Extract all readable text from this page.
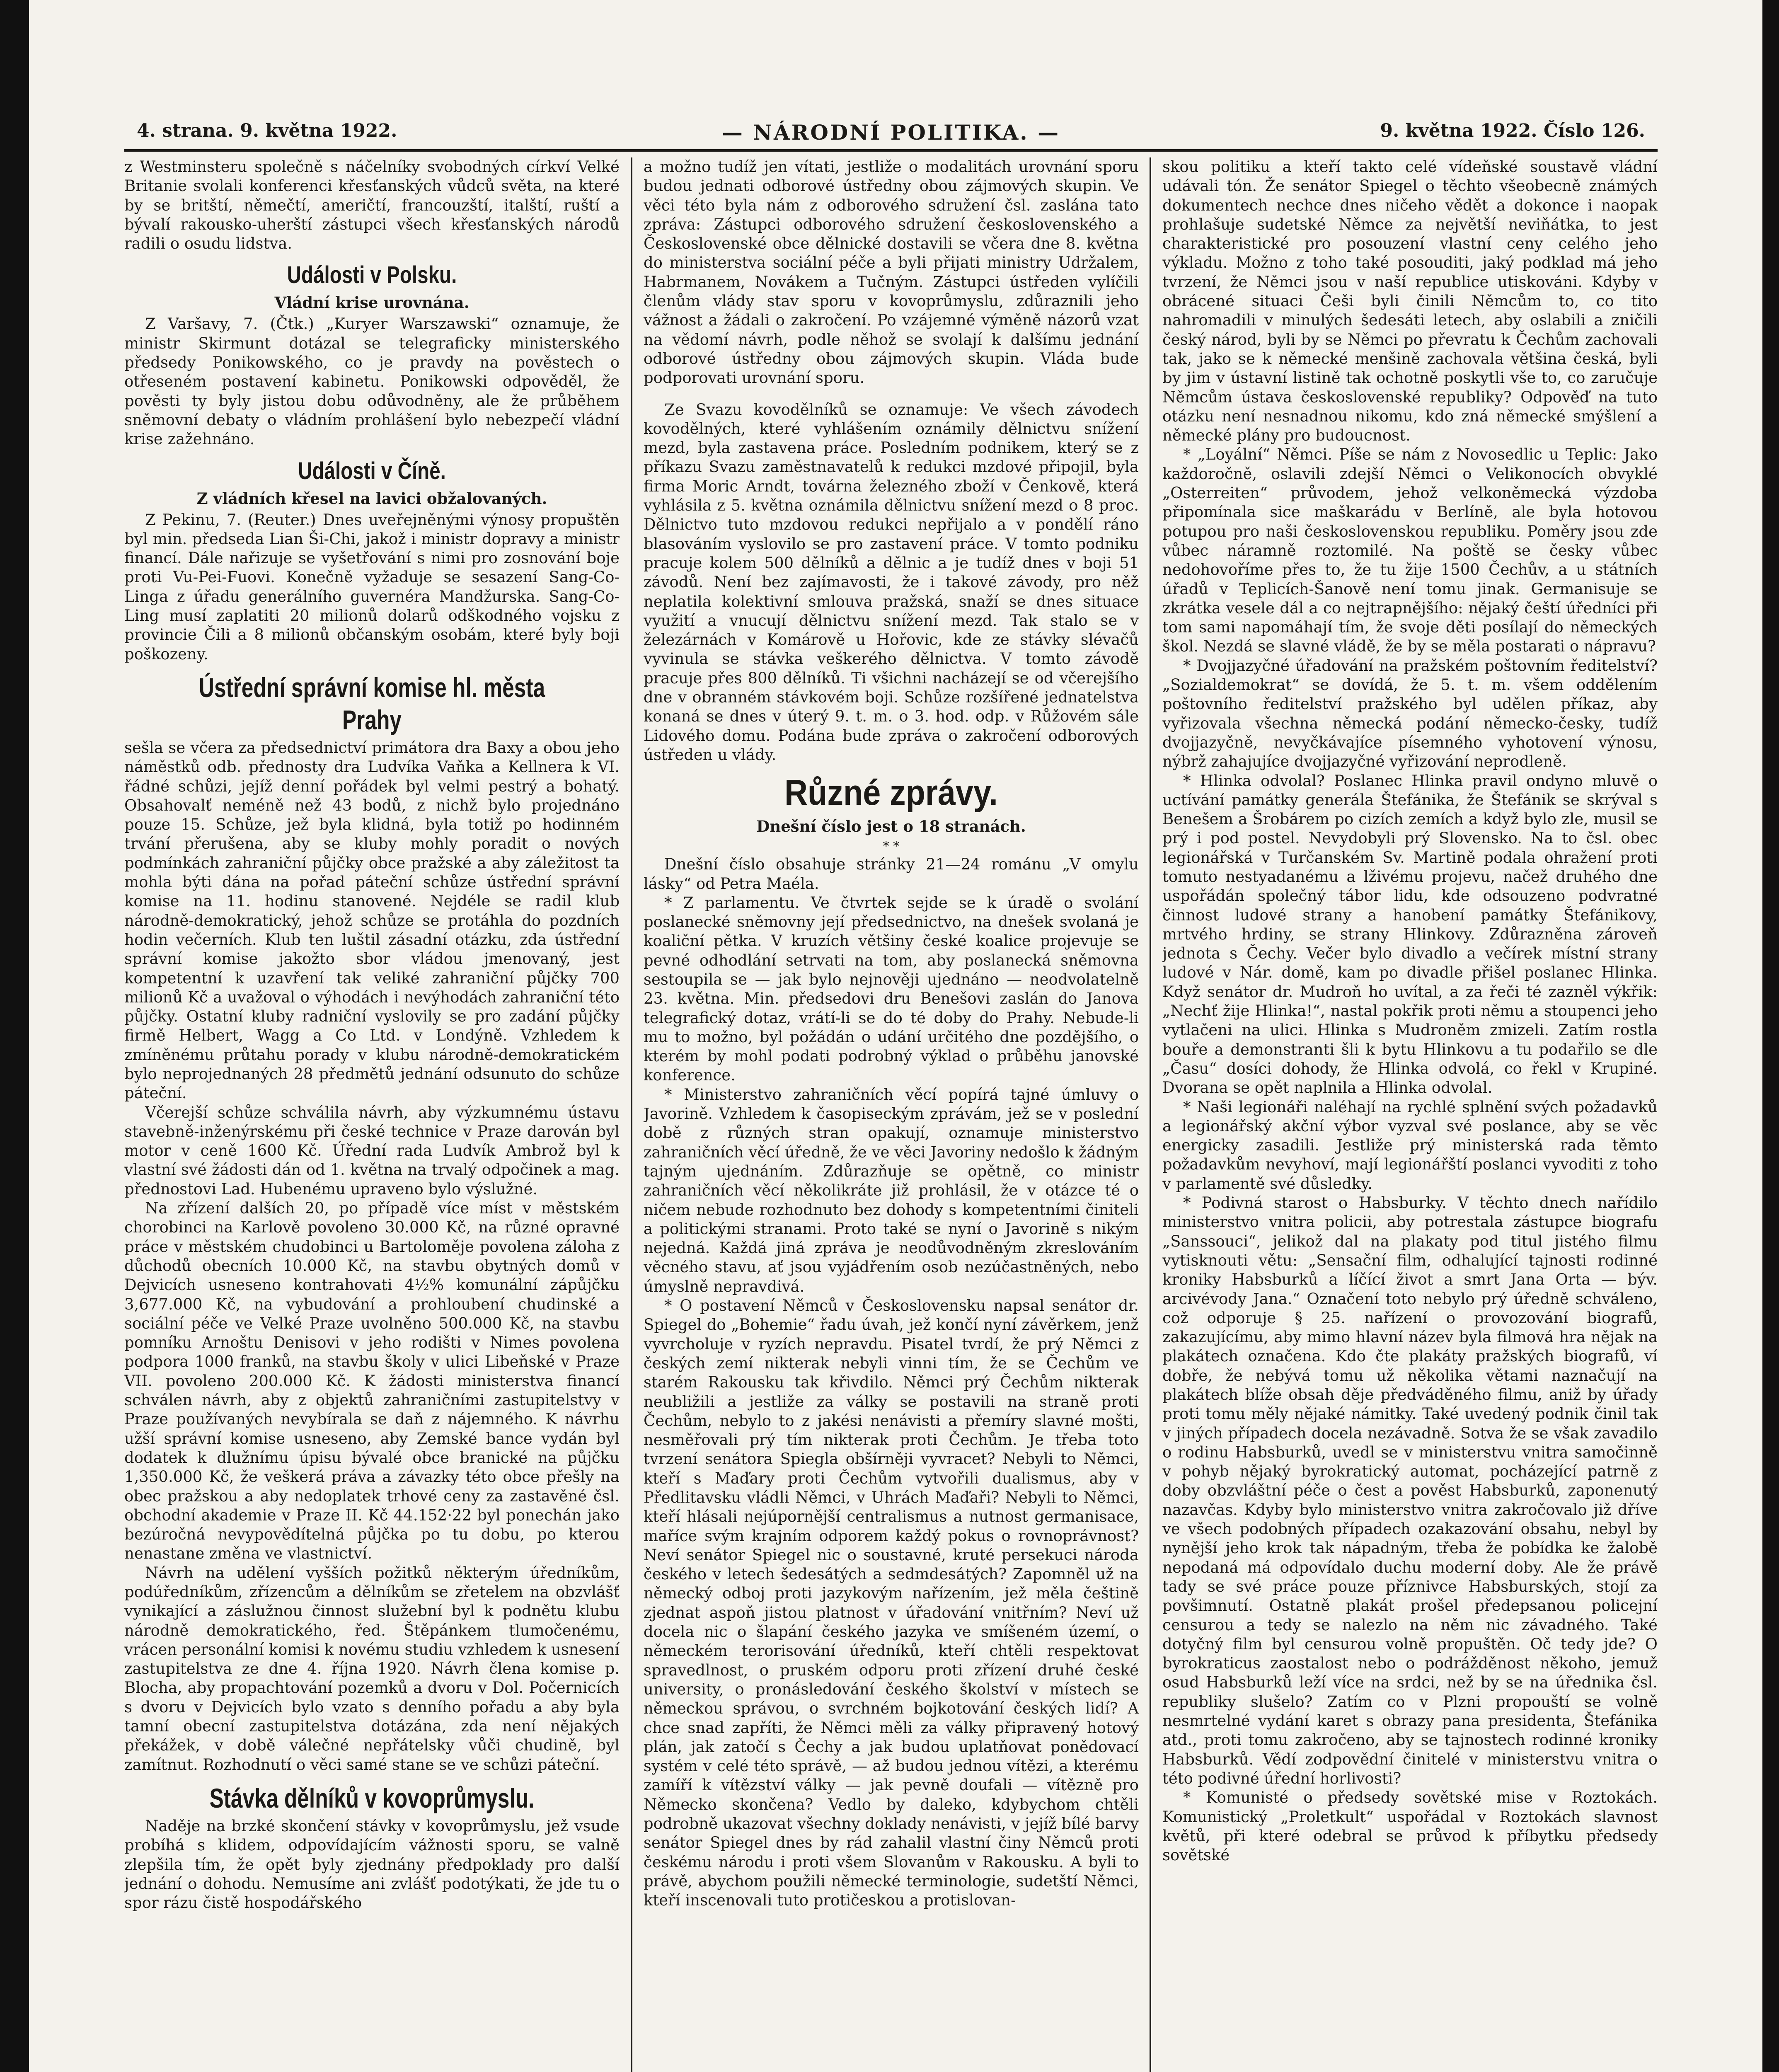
4. strana. 9. května 1922.	— NÁRODNÍ POLITIKA. —	9. května 1922. Číslo 126.

z Westminsteru společně s náčelníky svobodných církví Velké Britanie svolali konferenci křesťanských vůdců světa, na které by se britští, němečtí, američtí, francouzští, italští, ruští a bývalí rakousko-uherští zástupci všech křesťanských národů radili o osudu lidstva.

Události v Polsku.
Vládní krise urovnána.

Z Varšavy, 7. (Čtk.) „Kuryer Warszawski“ oznamuje, že ministr Skirmunt dotázal se telegraficky ministerského předsedy Ponikowského, co je pravdy na pověstech o otřeseném postavení kabinetu. Ponikowski odpověděl, že pověsti ty byly jistou dobu odůvodněny, ale že průběhem sněmovní debaty o vládním prohlášení bylo nebezpečí vládní krise zažehnáno.

Události v Číně.
Z vládních křesel na lavici obžalovaných.

Z Pekinu, 7. (Reuter.) Dnes uveřejněnými výnosy propuštěn byl min. předseda Lian Ši-Chi, jakož i ministr dopravy a ministr financí. Dále nařizuje se vyšetřování s nimi pro zosnování boje proti Vu-Pei-Fuovi. Konečně vyžaduje se sesazení Sang-Co-Linga z úřadu generálního guvernéra Mandžurska. Sang-Co-Ling musí zaplatiti 20 milionů dolarů odškodného vojsku z provincie Čili a 8 milionů občanským osobám, které byly boji poškozeny.

Ústřední správní komise hl. města Prahy

sešla se včera za předsednictví primátora dra Baxy a obou jeho náměstků odb. přednosty dra Ludvíka Vaňka a Kellnera k VI. řádné schůzi, jejíž denní pořádek byl velmi pestrý a bohatý. Obsahovalť neméně než 43 bodů, z nichž bylo projednáno pouze 15. Schůze, jež byla klidná, byla totiž po hodinném trvání přerušena, aby se kluby mohly poradit o nových podmínkách zahraniční půjčky obce pražské a aby záležitost ta mohla býti dána na pořad páteční schůze ústřední správní komise na 11. hodinu stanovené. Nejdéle se radil klub národně-demokratický, jehož schůze se protáhla do pozdních hodin večerních. Klub ten luštil zásadní otázku, zda ústřední správní komise jakožto sbor vládou jmenovaný, jest kompetentní k uzavření tak veliké zahraniční půjčky 700 milionů Kč a uvažoval o výhodách i nevýhodách zahraniční této půjčky. Ostatní kluby radniční vyslovily se pro zadání půjčky firmě Helbert, Wagg a Co Ltd. v Londýně. Vzhledem k zmíněnému průtahu porady v klubu národně-demokratickém bylo neprojednaných 28 předmětů jednání odsunuto do schůze páteční.

Včerejší schůze schválila návrh, aby výzkumnému ústavu stavebně-inženýrskému při české technice v Praze darován byl motor v ceně 1600 Kč. Úřední rada Ludvík Ambrož byl k vlastní své žádosti dán od 1. května na trvalý odpočinek a mag. přednostovi Lad. Hubenému upraveno bylo výslužné.

Na zřízení dalších 20, po případě více míst v městském chorobinci na Karlově povoleno 30.000 Kč, na různé opravné práce v městském chudobinci u Bartoloměje povolena záloha z důchodů obecních 10.000 Kč, na stavbu obytných domů v Dejvicích usneseno kontrahovati 4½% komunální zápůjčku 3,677.000 Kč, na vybudování a prohloubení chudinské a sociální péče ve Velké Praze uvolněno 500.000 Kč, na stavbu pomníku Arnoštu Denisovi v jeho rodišti v Nimes povolena podpora 1000 franků, na stavbu školy v ulici Libeňské v Praze VII. povoleno 200.000 Kč. K žádosti ministerstva financí schválen návrh, aby z objektů zahraničními zastupitelstvy v Praze používaných nevybírala se daň z nájemného. K návrhu užší správní komise usneseno, aby Zemské bance vydán byl dodatek k dlužnímu úpisu bývalé obce branické na půjčku 1,350.000 Kč, že veškerá práva a závazky této obce přešly na obec pražskou a aby nedoplatek trhové ceny za zastavěné čsl. obchodní akademie v Praze II. Kč 44.152·22 byl ponechán jako bezúročná nevypovědítelná půjčka po tu dobu, po kterou nenastane změna ve vlastnictví.

Návrh na udělení vyšších požitků některým úředníkům, podúředníkům, zřízencům a dělníkům se zřetelem na obzvlášť vynikající a záslužnou činnost služební byl k podnětu klubu národně demokratického, řed. Štěpánkem tlumočenému, vrácen personální komisi k novému studiu vzhledem k usnesení zastupitelstva ze dne 4. října 1920. Návrh člena komise p. Blocha, aby propachtování pozemků a dvoru v Dol. Počernicích s dvoru v Dejvicích bylo vzato s denního pořadu a aby byla tamní obecní zastupitelstva dotázána, zda není nějakých překážek, v době válečné nepřátelsky vůči chudině, byl zamítnut. Rozhodnutí o věci samé stane se ve schůzi páteční.

Stávka dělníků v kovoprůmyslu.

Naděje na brzké skončení stávky v kovoprůmyslu, jež vsude probíhá s klidem, odpovídajícím vážnosti sporu, se valně zlepšila tím, že opět byly zjednány předpoklady pro další jednání o dohodu. Nemusíme ani zvlášť podotýkati, že jde tu o spor rázu čistě hospodářského

a možno tudíž jen vítati, jestliže o modalitách urovnání sporu budou jednati odborové ústředny obou zájmových skupin. Ve věci této byla nám z odborového sdružení čsl. zaslána tato zpráva: Zástupci odborového sdružení československého a Československé obce dělnické dostavili se včera dne 8. května do ministerstva sociální péče a byli přijati ministry Udržalem, Habrmanem, Novákem a Tučným. Zástupci ústředen vylíčili členům vlády stav sporu v kovoprůmyslu, zdůraznili jeho vážnost a žádali o zakročení. Po vzájemné výměně názorů vzat na vědomí návrh, podle něhož se svolají k dalšímu jednání odborové ústředny obou zájmových skupin. Vláda bude podporovati urovnání sporu.

Ze Svazu kovodělníků se oznamuje: Ve všech závodech kovodělných, které vyhlášením oznámily dělnictvu snížení mezd, byla zastavena práce. Posledním podnikem, který se z příkazu Svazu zaměstnavatelů k redukci mzdové připojil, byla firma Moric Arndt, továrna železného zboží v Čenkově, která vyhlásila z 5. května oznámila dělnictvu snížení mezd o 8 proc. Dělnictvo tuto mzdovou redukci nepřijalo a v pondělí ráno blasováním vyslovilo se pro zastavení práce. V tomto podniku pracuje kolem 500 dělníků a dělnic a je tudíž dnes v boji 51 závodů. Není bez zajímavosti, že i takové závody, pro něž neplatila kolektivní smlouva pražská, snaží se dnes situace využití a vnucují dělnictvu snížení mezd. Tak stalo se v železárnách v Komárově u Hořovic, kde ze stávky slévačů vyvinula se stávka veškerého dělnictva. V tomto závodě pracuje přes 800 dělníků. Ti všichni nacházejí se od včerejšího dne v obranném stávkovém boji. Schůze rozšířené jednatelstva konaná se dnes v úterý 9. t. m. o 3. hod. odp. v Růžovém sále Lidového domu. Podána bude zpráva o zakročení odborových ústředen u vlády.

Různé zprávy.
Dnešní číslo jest o 18 stranách.
* *

Dnešní číslo obsahuje stránky 21—24 románu „V omylu lásky“ od Petra Maéla.

* Z parlamentu. Ve čtvrtek sejde se k úradě o svolání poslanecké sněmovny její předsednictvo, na dnešek svolaná je koaliční pětka. V kruzích většiny české koalice projevuje se pevné odhodlání setrvati na tom, aby poslanecká sněmovna sestoupila se — jak bylo nejnověji ujednáno — neodvolatelně 23. května. Min. předsedovi dru Benešovi zaslán do Janova telegrafický dotaz, vrátí-li se do té doby do Prahy. Nebude-li mu to možno, byl požádán o udání určitého dne pozdějšího, o kterém by mohl podati podrobný výklad o průběhu janovské konference.

* Ministerstvo zahraničních věcí popírá tajné úmluvy o Javorině. Vzhledem k časopiseckým zprávám, jež se v poslední době z různých stran opakují, oznamuje ministerstvo zahraničních věcí úředně, že ve věci Javoriny nedošlo k žádným tajným ujednáním. Zdůrazňuje se opětně, co ministr zahraničních věcí několikráte již prohlásil, že v otázce té o ničem nebude rozhodnuto bez dohody s kompetentními činiteli a politickými stranami. Proto také se nyní o Javorině s nikým nejedná. Každá jiná zpráva je neodůvodněným zkreslováním věcného stavu, ať jsou vyjádřením osob nezúčastněných, nebo úmyslně nepravdivá.

* O postavení Němců v Československu napsal senátor dr. Spiegel do „Bohemie“ řadu úvah, jež končí nyní závěrkem, jenž vyvrcholuje v ryzích nepravdu. Pisatel tvrdí, že prý Němci z českých zemí nikterak nebyli vinni tím, že se Čechům ve starém Rakousku tak křivdilo. Němci prý Čechům nikterak neubližili a jestliže za války se postavili na straně proti Čechům, nebylo to z jakési nenávisti a přemíry slavné mošti, nesměřovali prý tím nikterak proti Čechům. Je třeba toto tvrzení senátora Spiegla obšírněji vyvracet? Nebyli to Němci, kteří s Maďary proti Čechům vytvořili dualismus, aby v Předlitavsku vládli Němci, v Uhrách Maďaři? Nebyli to Němci, kteří hlásali nejúpornější centralismus a nutnost germanisace, maříce svým krajním odporem každý pokus o rovnoprávnost? Neví senátor Spiegel nic o soustavné, kruté persekuci národa českého v letech šedesátých a sedmdesátých? Zapomněl už na německý odboj proti jazykovým nařízením, jež měla češtině zjednat aspoň jistou platnost v úřadování vnitřním? Neví už docela nic o šlapání českého jazyka ve smíšeném území, o německém terorisování úředníků, kteří chtěli respektovat spravedlnost, o pruském odporu proti zřízení druhé české university, o pronásledování českého školství v místech se německou správou, o svrchném bojkotování českých lidí? A chce snad zapříti, že Němci měli za války připravený hotový plán, jak zatočí s Čechy a jak budou uplatňovat ponědovací systém v celé této správě, — až budou jednou vítězi, a kterému zamíří k vítězství války — jak pevně doufali — vítězně pro Německo skončena? Vedlo by daleko, kdybychom chtěli podrobně ukazovat všechny doklady nenávisti, v jejíž bílé barvy senátor Spiegel dnes by rád zahalil vlastní činy Němců proti českému národu i proti všem Slovanům v Rakousku. A byli to právě, abychom použili německé terminologie, sudetští Němci, kteří inscenovali tuto protičeskou a protislovan-

skou politiku a kteří takto celé vídeňské soustavě vládní udávali tón. Že senátor Spiegel o těchto všeobecně známých dokumentech nechce dnes ničeho vědět a dokonce i naopak prohlašuje sudetské Němce za největší neviňátka, to jest charakteristické pro posouzení vlastní ceny celého jeho výkladu. Možno z toho také posouditi, jaký podklad má jeho tvrzení, že Němci jsou v naší republice utiskováni. Kdyby v obrácené situaci Češi byli činili Němcům to, co tito nahromadili v minulých šedesáti letech, aby oslabili a zničili český národ, byli by se Němci po převratu k Čechům zachovali tak, jako se k německé menšině zachovala většina česká, byli by jim v ústavní listině tak ochotně poskytli vše to, co zaručuje Němcům ústava československé republiky? Odpověď na tuto otázku není nesnadnou nikomu, kdo zná německé smýšlení a německé plány pro budoucnost.

* „Loyální“ Němci. Píše se nám z Novosedlic u Teplic: Jako každoročně, oslavili zdejší Němci o Velikonocích obvyklé „Osterreiten“ průvodem, jehož velkoněmecká výzdoba připomínala sice maškarádu v Berlíně, ale byla hotovou potupou pro naši československou republiku. Poměry jsou zde vůbec náramně roztomilé. Na poště se česky vůbec nedohovoříme přes to, že tu žije 1500 Čechův, a u státních úřadů v Teplicích-Šanově není tomu jinak. Germanisuje se zkrátka vesele dál a co nejtrapnějšího: nějaký čeští úředníci při tom sami napomáhají tím, že svoje děti posílají do německých škol. Nezdá se slavné vládě, že by se měla postarati o nápravu?

* Dvojjazyčné úřadování na pražském poštovním ředitelství? „Sozialdemokrat“ se dovídá, že 5. t. m. všem oddělením poštovního ředitelství pražského byl udělen příkaz, aby vyřizovala všechna německá podání německo-česky, tudíž dvojjazyčně, nevyčkávajíce písemného vyhotovení výnosu, nýbrž zahajujíce dvojjazyčné vyřizování neprodleně.

* Hlinka odvolal? Poslanec Hlinka pravil ondyno mluvě o uctívání památky generála Štefánika, že Štefánik se skrýval s Benešem a Šrobárem po cizích zemích a když bylo zle, musil se prý i pod postel. Nevydobyli prý Slovensko. Na to čsl. obec legionářská v Turčanském Sv. Martině podala ohražení proti tomuto nestyadanému a lživému projevu, načež druhého dne uspořádán společný tábor lidu, kde odsouzeno podvratné činnost ludové strany a hanobení památky Štefánikovy, mrtvého hrdiny, se strany Hlinkovy. Zdůrazněna zároveň jednota s Čechy. Večer bylo divadlo a večírek místní strany ludové v Nár. domě, kam po divadle přišel poslanec Hlinka. Když senátor dr. Mudroň ho uvítal, a za řeči té zazněl výkřik: „Nechť žije Hlinka!“, nastal pokřik proti němu a stoupenci jeho vytlačeni na ulici. Hlinka s Mudroněm zmizeli. Zatím rostla bouře a demonstranti šli k bytu Hlinkovu a tu podařilo se dle „Času“ dosíci dohody, že Hlinka odvolá, co řekl v Krupiné. Dvorana se opět naplnila a Hlinka odvolal.

* Naši legionáři naléhají na rychlé splnění svých požadavků a legionářský akční výbor vyzval své poslance, aby se věc energicky zasadili. Jestliže prý ministerská rada těmto požadavkům nevyhoví, mají legionářští poslanci vyvoditi z toho v parlamentě své důsledky.

* Podivná starost o Habsburky. V těchto dnech nařídilo ministerstvo vnitra policii, aby potrestala zástupce biografu „Sanssouci“, jelikož dal na plakaty pod titul jistého filmu vytisknouti větu: „Sensační film, odhalující tajnosti rodinné kroniky Habsburků a líčící život a smrt Jana Orta — býv. arcivévody Jana.“ Označení toto nebylo prý úředně schváleno, což odporuje § 25. nařízení o provozování biografů, zakazujícímu, aby mimo hlavní název byla filmová hra nějak na plakátech označena. Kdo čte plakáty pražských biografů, ví dobře, že nebývá tomu už několika větami naznačují na plakátech blíže obsah děje předváděného filmu, aniž by úřady proti tomu měly nějaké námitky. Také uvedený podnik činil tak v jiných případech docela nezávadně. Sotva že se však zavadilo o rodinu Habsburků, uvedl se v ministerstvu vnitra samočinně v pohyb nějaký byrokratický automat, pocházející patrně z doby obzvláštní péče o čest a pověst Habsburků, zaponenutý nazavčas. Kdyby bylo ministerstvo vnitra zakročovalo již dříve ve všech podobných případech ozakazování obsahu, nebyl by nynější jeho krok tak nápadným, třeba že pobídka ke žalobě nepodaná má odpovídalo duchu moderní doby. Ale že právě tady se své práce pouze příznivce Habsburských, stojí za povšimnutí. Ostatně plakát prošel předepsanou policejní censurou a tedy se nalezlo na něm nic závadného. Také dotyčný film byl censurou volně propuštěn. Oč tedy jde? O byrokraticus zaostalost nebo o podrážděnost někoho, jemuž osud Habsburků leží více na srdci, než by se na úřednika čsl. republiky slušelo? Zatím co v Plzni propouští se volně nesmrtelné vydání karet s obrazy pana presidenta, Štefánika atd., proti tomu zakročeno, aby se tajnostech rodinné kroniky Habsburků. Vědí zodpovědní činitelé v ministerstvu vnitra o této podivné úřední horlivosti?

* Komunisté o předsedy sovětské mise v Roztokách. Komunistický „Proletkult“ uspořádal v Roztokách slavnost květů, při které odebral se průvod k příbytku předsedy sovětské
